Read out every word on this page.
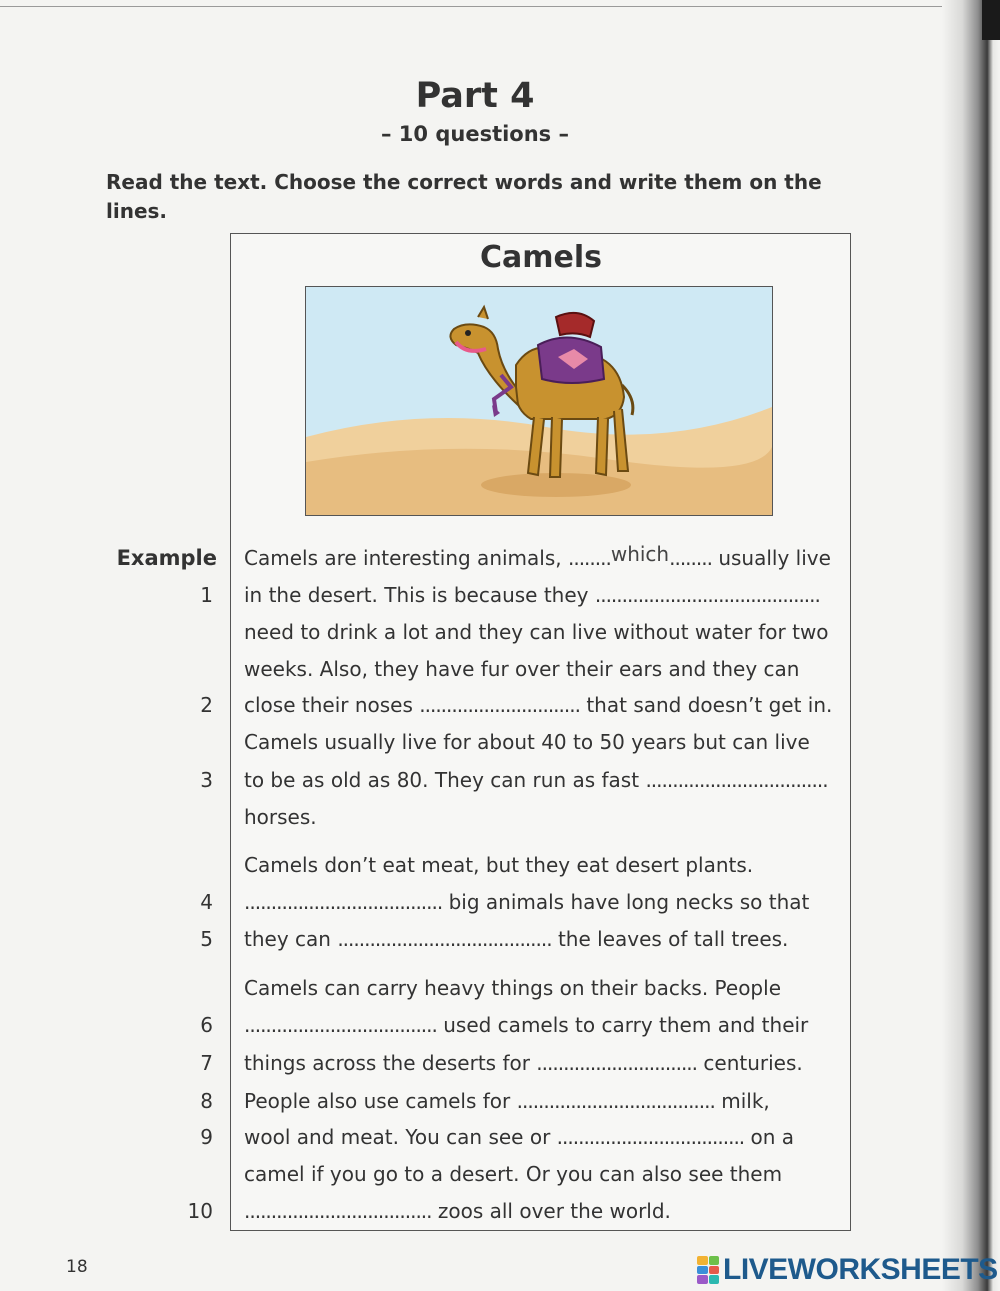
Part 4
– 10 questions –
Read the text. Choose the correct words and write them on the lines.
Camels
Example Camels are interesting animals, ........which........ usually live
1 in the desert. This is because they ..........................................
need to drink a lot and they can live without water for two
weeks. Also, they have fur over their ears and they can
2 close their noses .............................. that sand doesn’t get in.
Camels usually live for about 40 to 50 years but can live
3 to be as old as 80. They can run as fast ..................................
horses.
Camels don’t eat meat, but they eat desert plants.
4 ..................................... big animals have long necks so that
5 they can ........................................ the leaves of tall trees.
Camels can carry heavy things on their backs. People
6 .................................... used camels to carry them and their
7 things across the deserts for .............................. centuries.
8 People also use camels for ..................................... milk,
9 wool and meat. You can see or ................................... on a
camel if you go to a desert. Or you can also see them
10 ................................... zoos all over the world.
18	LIVEWORKSHEETS
